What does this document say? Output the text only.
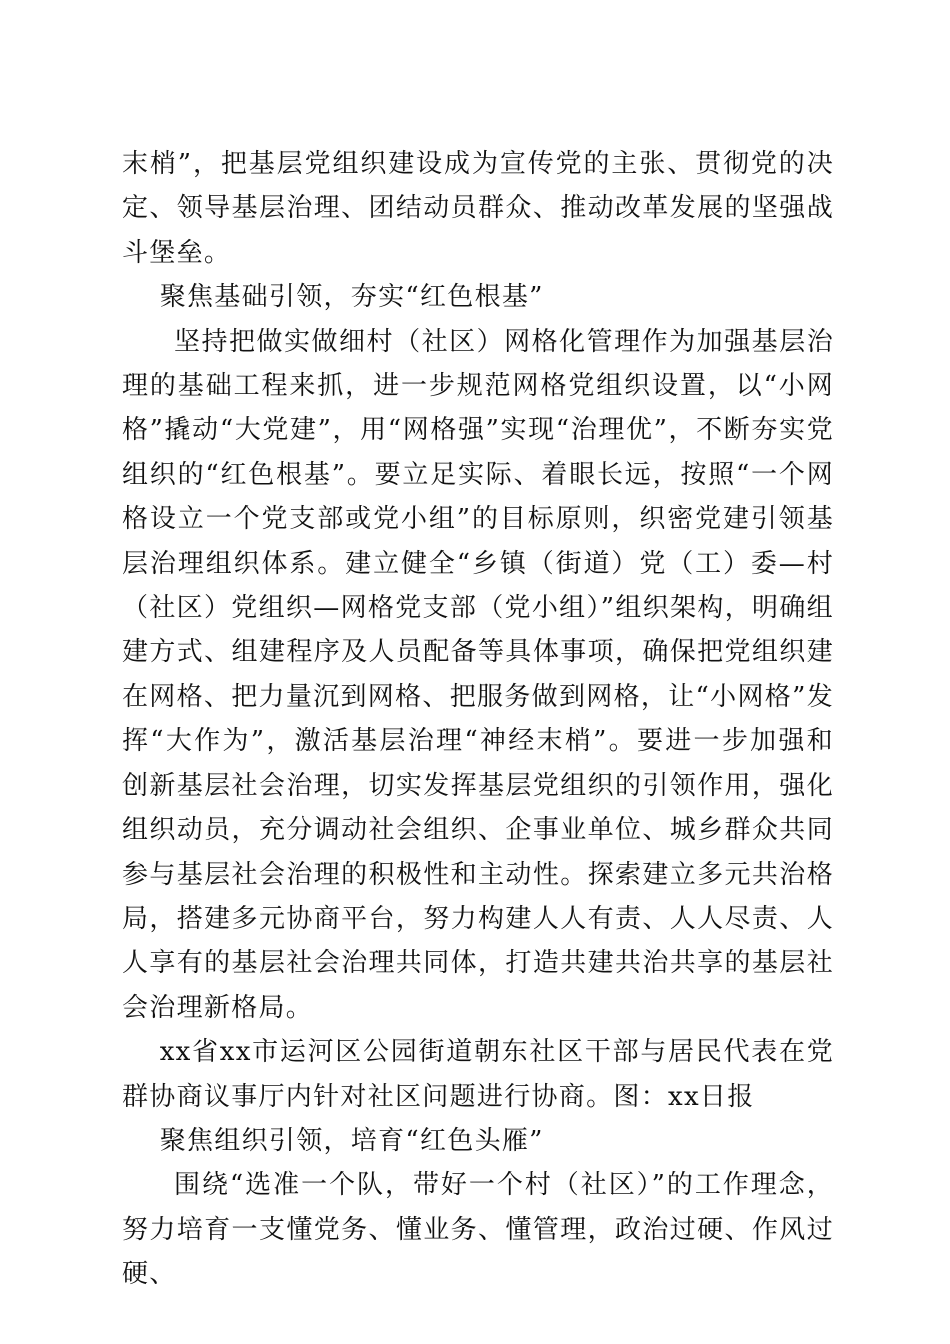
末梢”，把基层党组织建设成为宣传党的主张、贯彻党的决定、领导基层治理、团结动员群众、推动改革发展的坚强战斗堡垒。

聚焦基础引领，夯实“红色根基”

坚持把做实做细村（社区）网格化管理作为加强基层治理的基础工程来抓，进一步规范网格党组织设置，以“小网格”撬动“大党建”，用“网格强”实现“治理优”，不断夯实党组织的“红色根基”。要立足实际、着眼长远，按照“一个网格设立一个党支部或党小组”的目标原则，织密党建引领基层治理组织体系。建立健全“乡镇（街道）党（工）委—村（社区）党组织—网格党支部（党小组）”组织架构，明确组建方式、组建程序及人员配备等具体事项，确保把党组织建在网格、把力量沉到网格、把服务做到网格，让“小网格”发挥“大作为”，激活基层治理“神经末梢”。要进一步加强和创新基层社会治理，切实发挥基层党组织的引领作用，强化组织动员，充分调动社会组织、企事业单位、城乡群众共同参与基层社会治理的积极性和主动性。探索建立多元共治格局，搭建多元协商平台，努力构建人人有责、人人尽责、人人享有的基层社会治理共同体，打造共建共治共享的基层社会治理新格局。

xx省xx市运河区公园街道朝东社区干部与居民代表在党群协商议事厅内针对社区问题进行协商。图：xx日报

聚焦组织引领，培育“红色头雁”

围绕“选准一个队，带好一个村（社区）”的工作理念，努力培育一支懂党务、懂业务、懂管理，政治过硬、作风过硬、
